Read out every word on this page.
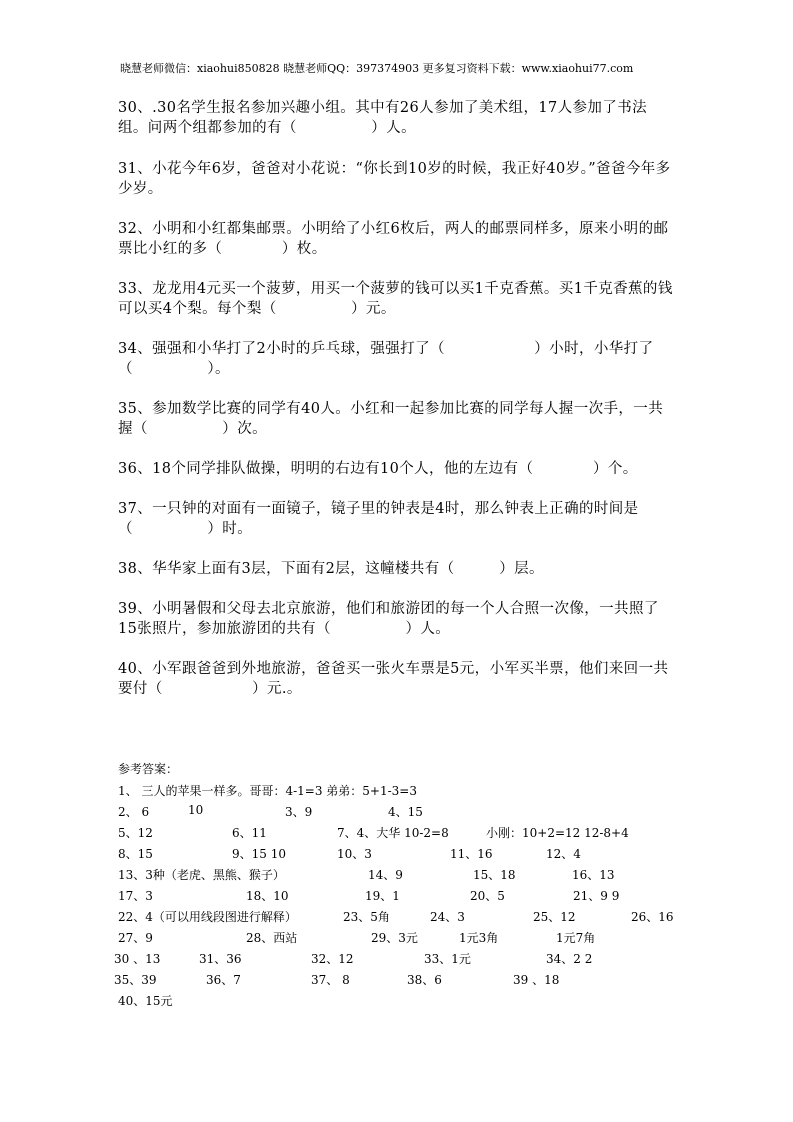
晓慧老师微信：xiaohui850828 晓慧老师QQ：397374903 更多复习资料下载：www.xiaohui77.com
30、.30名学生报名参加兴趣小组。其中有26人参加了美术组，17人参加了书法组。问两个组都参加的有（　　　　　）人。
31、小花今年6岁，爸爸对小花说：“你长到10岁的时候，我正好40岁。”爸爸今年多少岁。
32、小明和小红都集邮票。小明给了小红6枚后，两人的邮票同样多，原来小明的邮票比小红的多（　　　　）枚。
33、龙龙用4元买一个菠萝，用买一个菠萝的钱可以买1千克香蕉。买1千克香蕉的钱可以买4个梨。每个梨（　　　　　）元。
34、强强和小华打了2小时的乒乓球，强强打了（　　　　　　）小时，小华打了（　　　　　）。
35、参加数学比赛的同学有40人。小红和一起参加比赛的同学每人握一次手，一共握（　　　　　）次。
36、18个同学排队做操，明明的右边有10个人，他的左边有（　　　　）个。
37、一只钟的对面有一面镜子，镜子里的钟表是4时，那么钟表上正确的时间是（　　　　　）时。
38、华华家上面有3层，下面有2层，这幢楼共有（　　　）层。
39、小明暑假和父母去北京旅游，他们和旅游团的每一个人合照一次像，一共照了15张照片，参加旅游团的共有（　　　　　）人。
40、小军跟爸爸到外地旅游，爸爸买一张火车票是5元，小军买半票，他们来回一共要付（　　　　　　）元.。
参考答案：
1、 三人的苹果一样多。哥哥：4-1=3 弟弟：5+1-3=3
2、 6	10	3、9	4、15
5、12	6、11	7、4、大华 10-2=8	小刚：10+2=12 12-8+4
8、15	9、15 10	10、3	11、16	12、4
13、3种（老虎、黑熊、猴子）	14、9	15、18	16、13
17、3	18、10	19、1	20、5	21、9 9
22、4（可以用线段图进行解释）	23、5角	24、3	25、12	26、16
27、9	28、西站	29、3元	1元3角	1元7角
30 、13	31、36	32、12	33、1元	34、2 2
35、39	36、7	37、 8	38、6	39 、18
40、15元
